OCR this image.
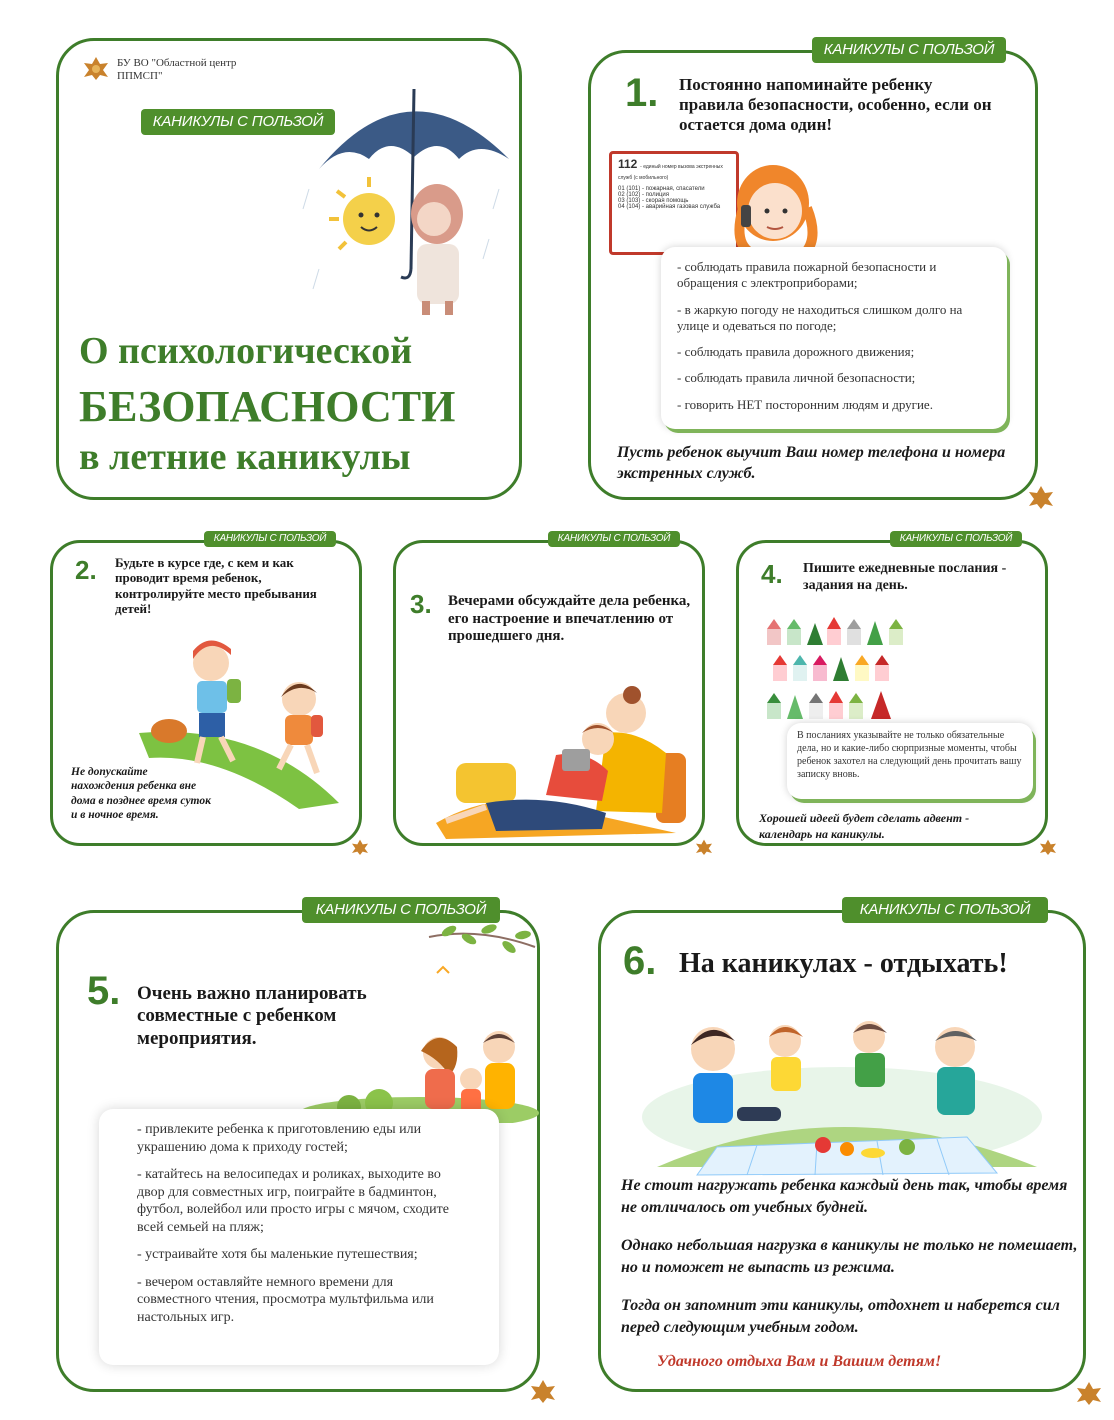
БУ ВО "Областной центр ППМСП"
КАНИКУЛЫ С ПОЛЬЗОЙ
О психологической
БЕЗОПАСНОСТИ
в летние каникулы
1. Постоянно напоминайте ребенку правила безопасности, особенно, если он остается дома один!
112 - единый номер вызова экстренных служб (с мобильного)
01 (101) - пожарная, спасатели
02 (102) - полиция
03 (103) - скорая помощь
04 (104) - аварийная газовая служба
- соблюдать правила пожарной безопасности и обращения с электроприборами;
- в жаркую погоду не находиться слишком долго на улице и одеваться по погоде;
- соблюдать правила дорожного движения;
- соблюдать правила личной безопасности;
- говорить НЕТ посторонним людям и другие.
Пусть ребенок выучит Ваш номер телефона и номера экстренных служб.
КАНИКУЛЫ С ПОЛЬЗОЙ
2. Будьте в курсе где, с кем и как проводит время ребенок, контролируйте место пребывания детей!
Не допускайте нахождения ребенка вне дома в позднее время суток и в ночное время.
КАНИКУЛЫ С ПОЛЬЗОЙ
3. Вечерами обсуждайте дела ребенка, его настроение и впечатлению от прошедшего дня.
КАНИКУЛЫ С ПОЛЬЗОЙ
4. Пишите ежедневные послания - задания на день.
В посланиях указывайте не только обязательные дела, но и какие-либо сюрпризные моменты, чтобы ребенок захотел на следующий день прочитать вашу записку вновь.
Хорошей идеей будет сделать адвент - календарь на каникулы.
КАНИКУЛЫ С ПОЛЬЗОЙ
5. Очень важно планировать совместные с ребенком мероприятия.
- привлеките ребенка к приготовлению еды или украшению дома к приходу гостей;
- катайтесь на велосипедах и роликах, выходите во двор для совместных игр, поиграйте в бадминтон, футбол, волейбол или просто игры с мячом, сходите всей семьей на пляж;
- устраивайте хотя бы маленькие путешествия;
- вечером оставляйте немного времени для совместного чтения, просмотра мультфильма или настольных игр.
КАНИКУЛЫ С ПОЛЬЗОЙ
6. На каникулах - отдыхать!
Не стоит нагружать ребенка каждый день так, чтобы время не отличалось от учебных будней.
Однако небольшая нагрузка в каникулы не только не помешает, но и поможет не выпасть из режима.
Тогда он запомнит эти каникулы, отдохнет и наберется сил перед следующим учебным годом.
Удачного отдыха Вам и Вашим детям!
КАНИКУЛЫ С ПОЛЬЗОЙ
